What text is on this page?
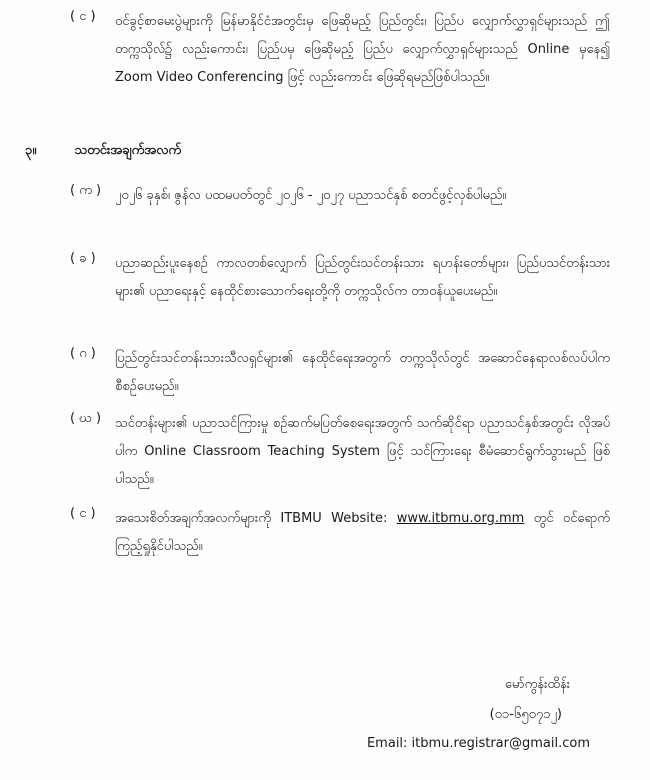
( င )	ဝင်ခွင့်စာမေးပွဲများကို မြန်မာနိုင်ငံအတွင်းမှ ဖြေဆိုမည့် ပြည်တွင်း၊ ပြည်ပ လျှောက်လွှာရှင်များသည် ဤတက္ကသိုလ်၌ လည်းကောင်း၊ ပြည်ပမှ ဖြေဆိုမည့် ပြည်ပ လျှောက်လွှာရှင်များသည် Online မှနေ၍ Zoom Video Conferencing ဖြင့် လည်းကောင်း ဖြေဆိုရမည်ဖြစ်ပါသည်။
၃။	သတင်းအချက်အလက်
( က )	၂၀၂၆ ခုနှစ်၊ ဇွန်လ ပထမပတ်တွင် ၂၀၂၆ - ၂၀၂၇ ပညာသင်နှစ် စတင်ဖွင့်လှစ်ပါမည်။
( ခ )	ပညာဆည်းပူးနေစဉ် ကာလတစ်လျှောက် ပြည်တွင်းသင်တန်းသား ရဟန်းတော်များ၊ ပြည်ပသင်တန်းသားများ၏ ပညာရေးနှင့် နေထိုင်စားသောက်ရေးတို့ကို တက္ကသိုလ်က တာဝန်ယူပေးမည်။
( ဂ )	ပြည်တွင်းသင်တန်းသားသီလရှင်များ၏ နေထိုင်ရေးအတွက် တက္ကသိုလ်တွင် အဆောင်နေရာလစ်လပ်ပါက စီစဉ်ပေးမည်။
( ဃ )	သင်တန်းများ၏ ပညာသင်ကြားမှု စဉ်ဆက်မပြတ်စေရေးအတွက် သက်ဆိုင်ရာ ပညာသင်နှစ်အတွင်း လိုအပ်ပါက Online Classroom Teaching System ဖြင့် သင်ကြားရေး စီမံဆောင်ရွက်သွားမည် ဖြစ်ပါသည်။
( င )	အသေးစိတ်အချက်အလက်များကို ITBMU Website: www.itbmu.org.mm တွင် ဝင်ရောက်ကြည့်ရှုနိုင်ပါသည်။
မော်ကွန်းထိန်း
(၀၁-၆၅၀၇၁၂)
Email: itbmu.registrar@gmail.com
